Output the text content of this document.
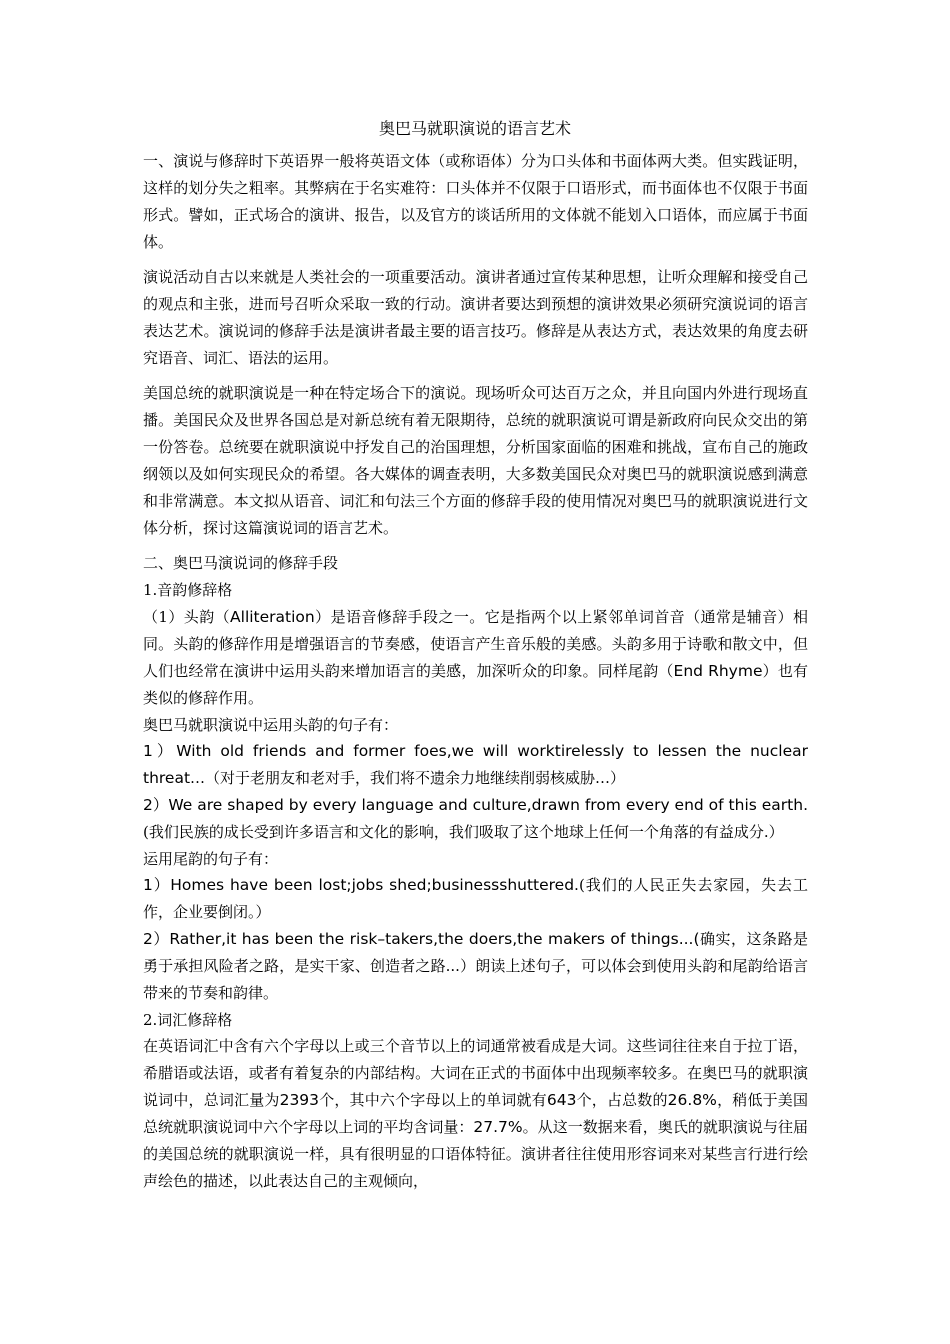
奥巴马就职演说的语言艺术

一、演说与修辞时下英语界一般将英语文体（或称语体）分为口头体和书面体两大类。但实践证明，这样的划分失之粗率。其弊病在于名实难符：口头体并不仅限于口语形式，而书面体也不仅限于书面形式。譬如，正式场合的演讲、报告，以及官方的谈话所用的文体就不能划入口语体，而应属于书面体。

演说活动自古以来就是人类社会的一项重要活动。演讲者通过宣传某种思想，让听众理解和接受自己的观点和主张，进而号召听众采取一致的行动。演讲者要达到预想的演讲效果必须研究演说词的语言表达艺术。演说词的修辞手法是演讲者最主要的语言技巧。修辞是从表达方式，表达效果的角度去研究语音、词汇、语法的运用。

美国总统的就职演说是一种在特定场合下的演说。现场听众可达百万之众，并且向国内外进行现场直播。美国民众及世界各国总是对新总统有着无限期待，总统的就职演说可谓是新政府向民众交出的第一份答卷。总统要在就职演说中抒发自己的治国理想，分析国家面临的困难和挑战，宣布自己的施政纲领以及如何实现民众的希望。各大媒体的调查表明，大多数美国民众对奥巴马的就职演说感到满意和非常满意。本文拟从语音、词汇和句法三个方面的修辞手段的使用情况对奥巴马的就职演说进行文体分析，探讨这篇演说词的语言艺术。

二、奥巴马演说词的修辞手段

1.音韵修辞格

（1）头韵（Alliteration）是语音修辞手段之一。它是指两个以上紧邻单词首音（通常是辅音）相同。头韵的修辞作用是增强语言的节奏感，使语言产生音乐般的美感。头韵多用于诗歌和散文中，但人们也经常在演讲中运用头韵来增加语言的美感，加深听众的印象。同样尾韵（End Rhyme）也有类似的修辞作用。

奥巴马就职演说中运用头韵的句子有：

1）With old friends and former foes,we will worktirelessly to lessen the nuclear threat…（对于老朋友和老对手，我们将不遗余力地继续削弱核威胁…）

2）We are shaped by every language and culture,drawn from every end of this earth.(我们民族的成长受到许多语言和文化的影响，我们吸取了这个地球上任何一个角落的有益成分.）

运用尾韵的句子有：

1）Homes have been lost;jobs shed;businessshuttered.(我们的人民正失去家园，失去工作，企业要倒闭。）

2）Rather,it has been the risk–takers,the doers,the makers of things...(确实，这条路是勇于承担风险者之路，是实干家、创造者之路...）朗读上述句子，可以体会到使用头韵和尾韵给语言带来的节奏和韵律。

2.词汇修辞格

在英语词汇中含有六个字母以上或三个音节以上的词通常被看成是大词。这些词往往来自于拉丁语，希腊语或法语，或者有着复杂的内部结构。大词在正式的书面体中出现频率较多。在奥巴马的就职演说词中，总词汇量为2393个，其中六个字母以上的单词就有643个，占总数的26.8%，稍低于美国总统就职演说词中六个字母以上词的平均含词量：27.7%。从这一数据来看，奥氏的就职演说与往届的美国总统的就职演说一样，具有很明显的口语体特征。演讲者往往使用形容词来对某些言行进行绘声绘色的描述，以此表达自己的主观倾向，
